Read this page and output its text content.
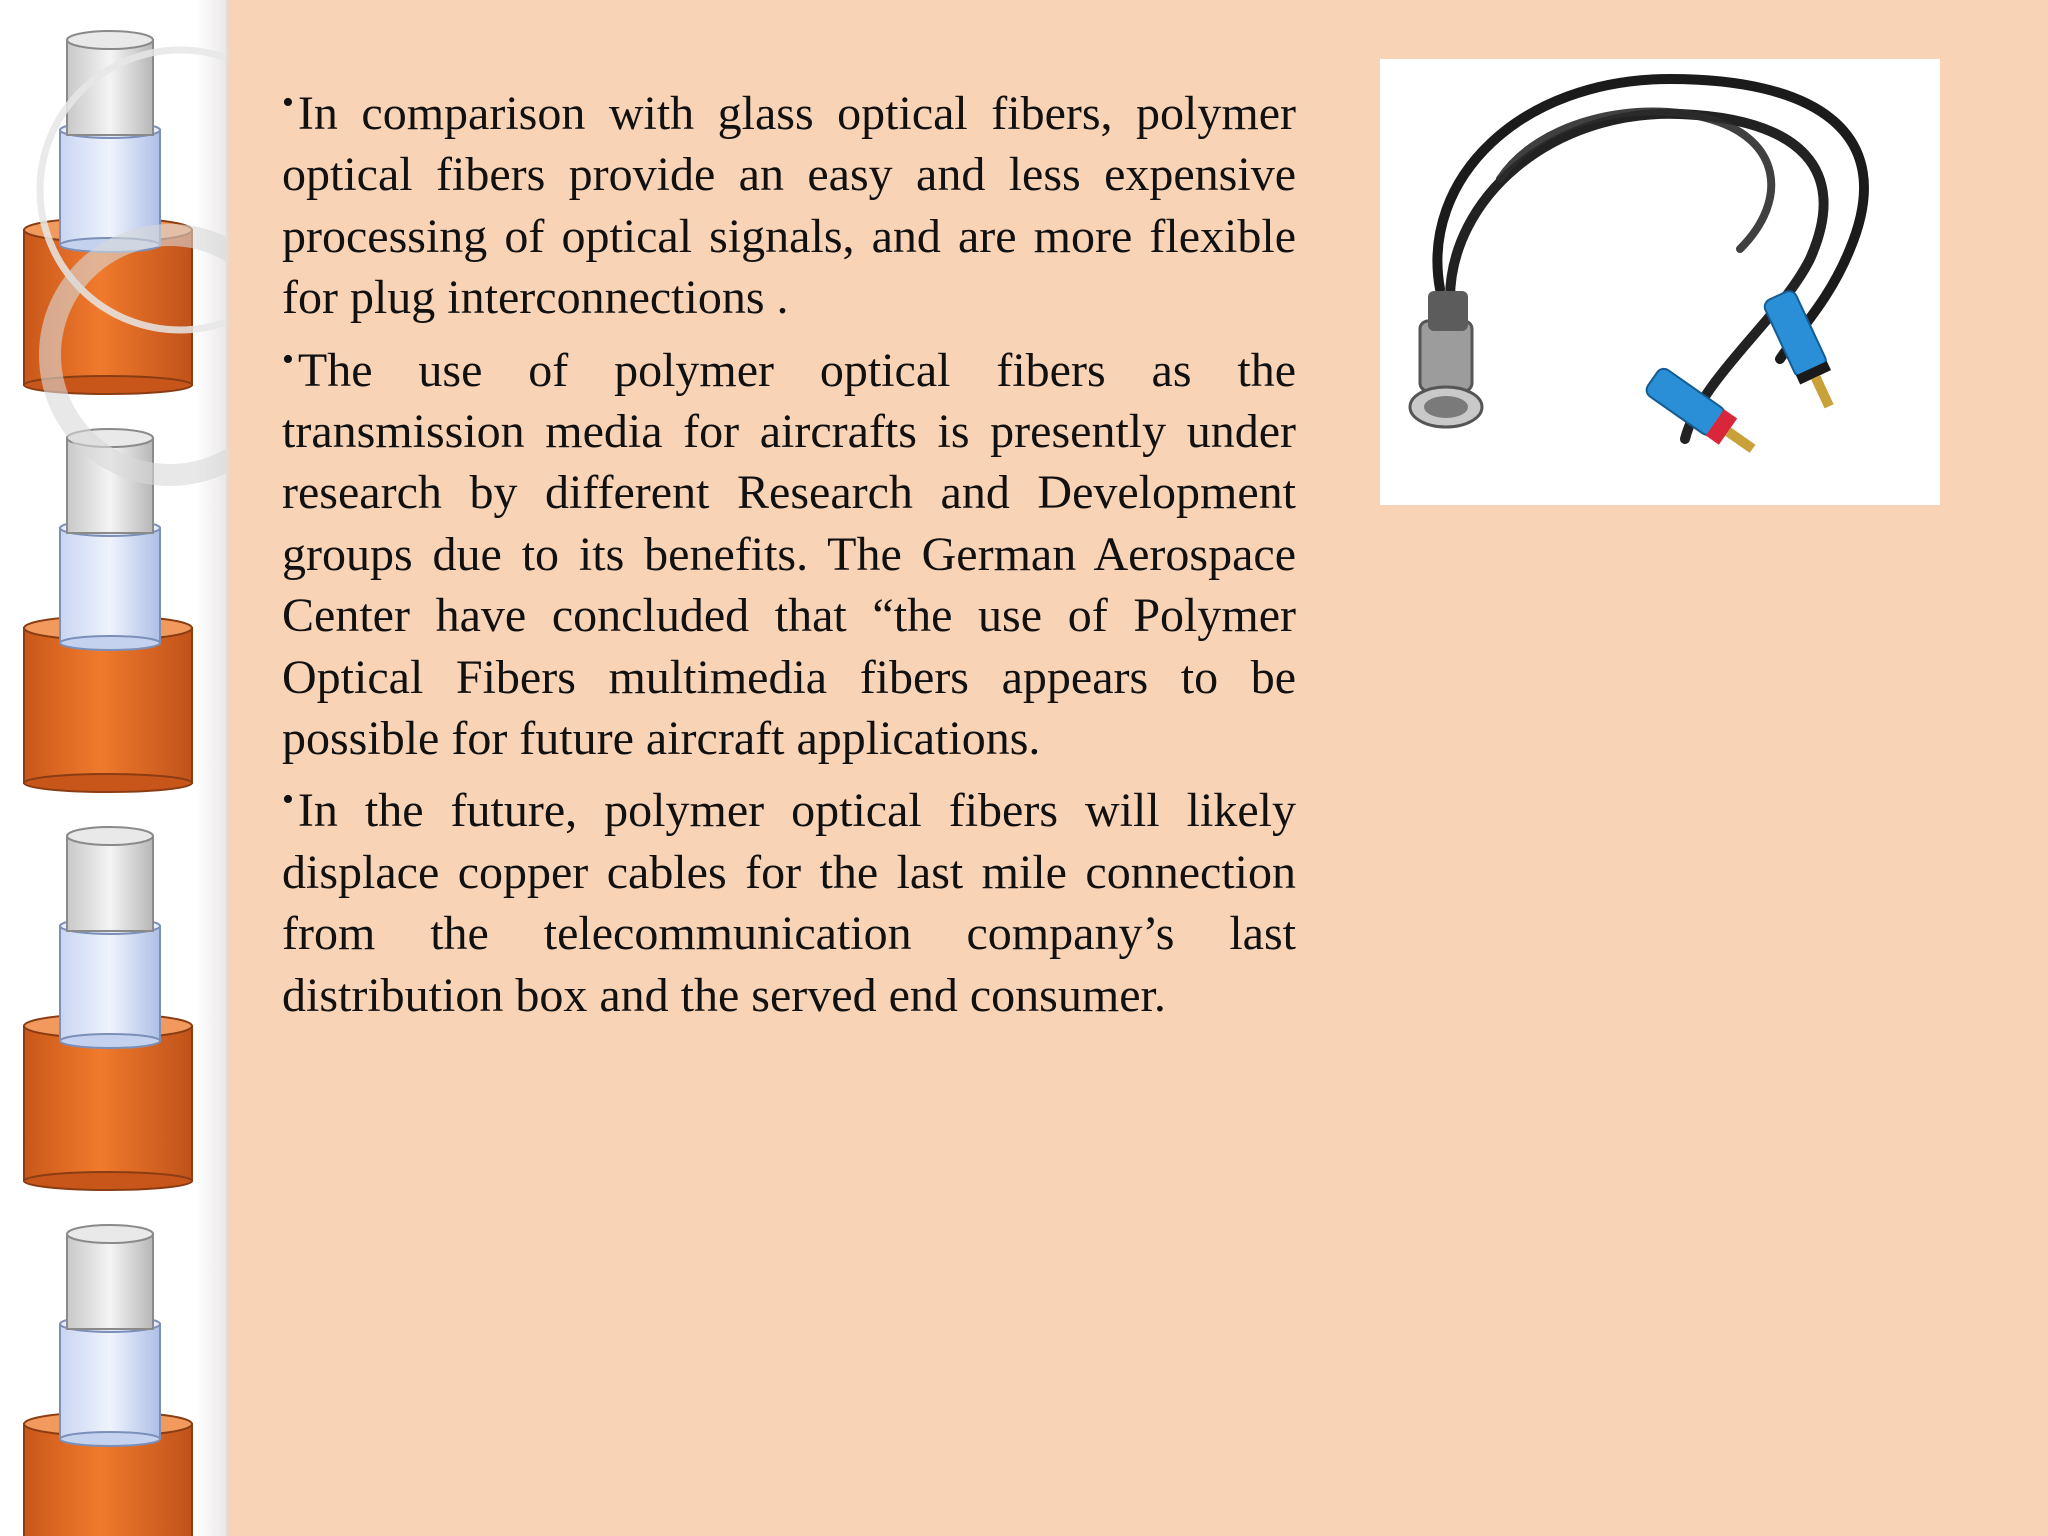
•In comparison with glass optical fibers, polymer optical fibers provide an easy and less expensive processing of optical signals, and are more flexible for plug interconnections .

•The use of polymer optical fibers as the transmission media for aircrafts is presently under research by different Research and Development groups due to its benefits. The German Aerospace Center have concluded that “the use of Polymer Optical Fibers multimedia fibers appears to be possible for future aircraft applications.

•In the future, polymer optical fibers will likely displace copper cables for the last mile connection from the telecommunication company’s last distribution box and the served end consumer.
